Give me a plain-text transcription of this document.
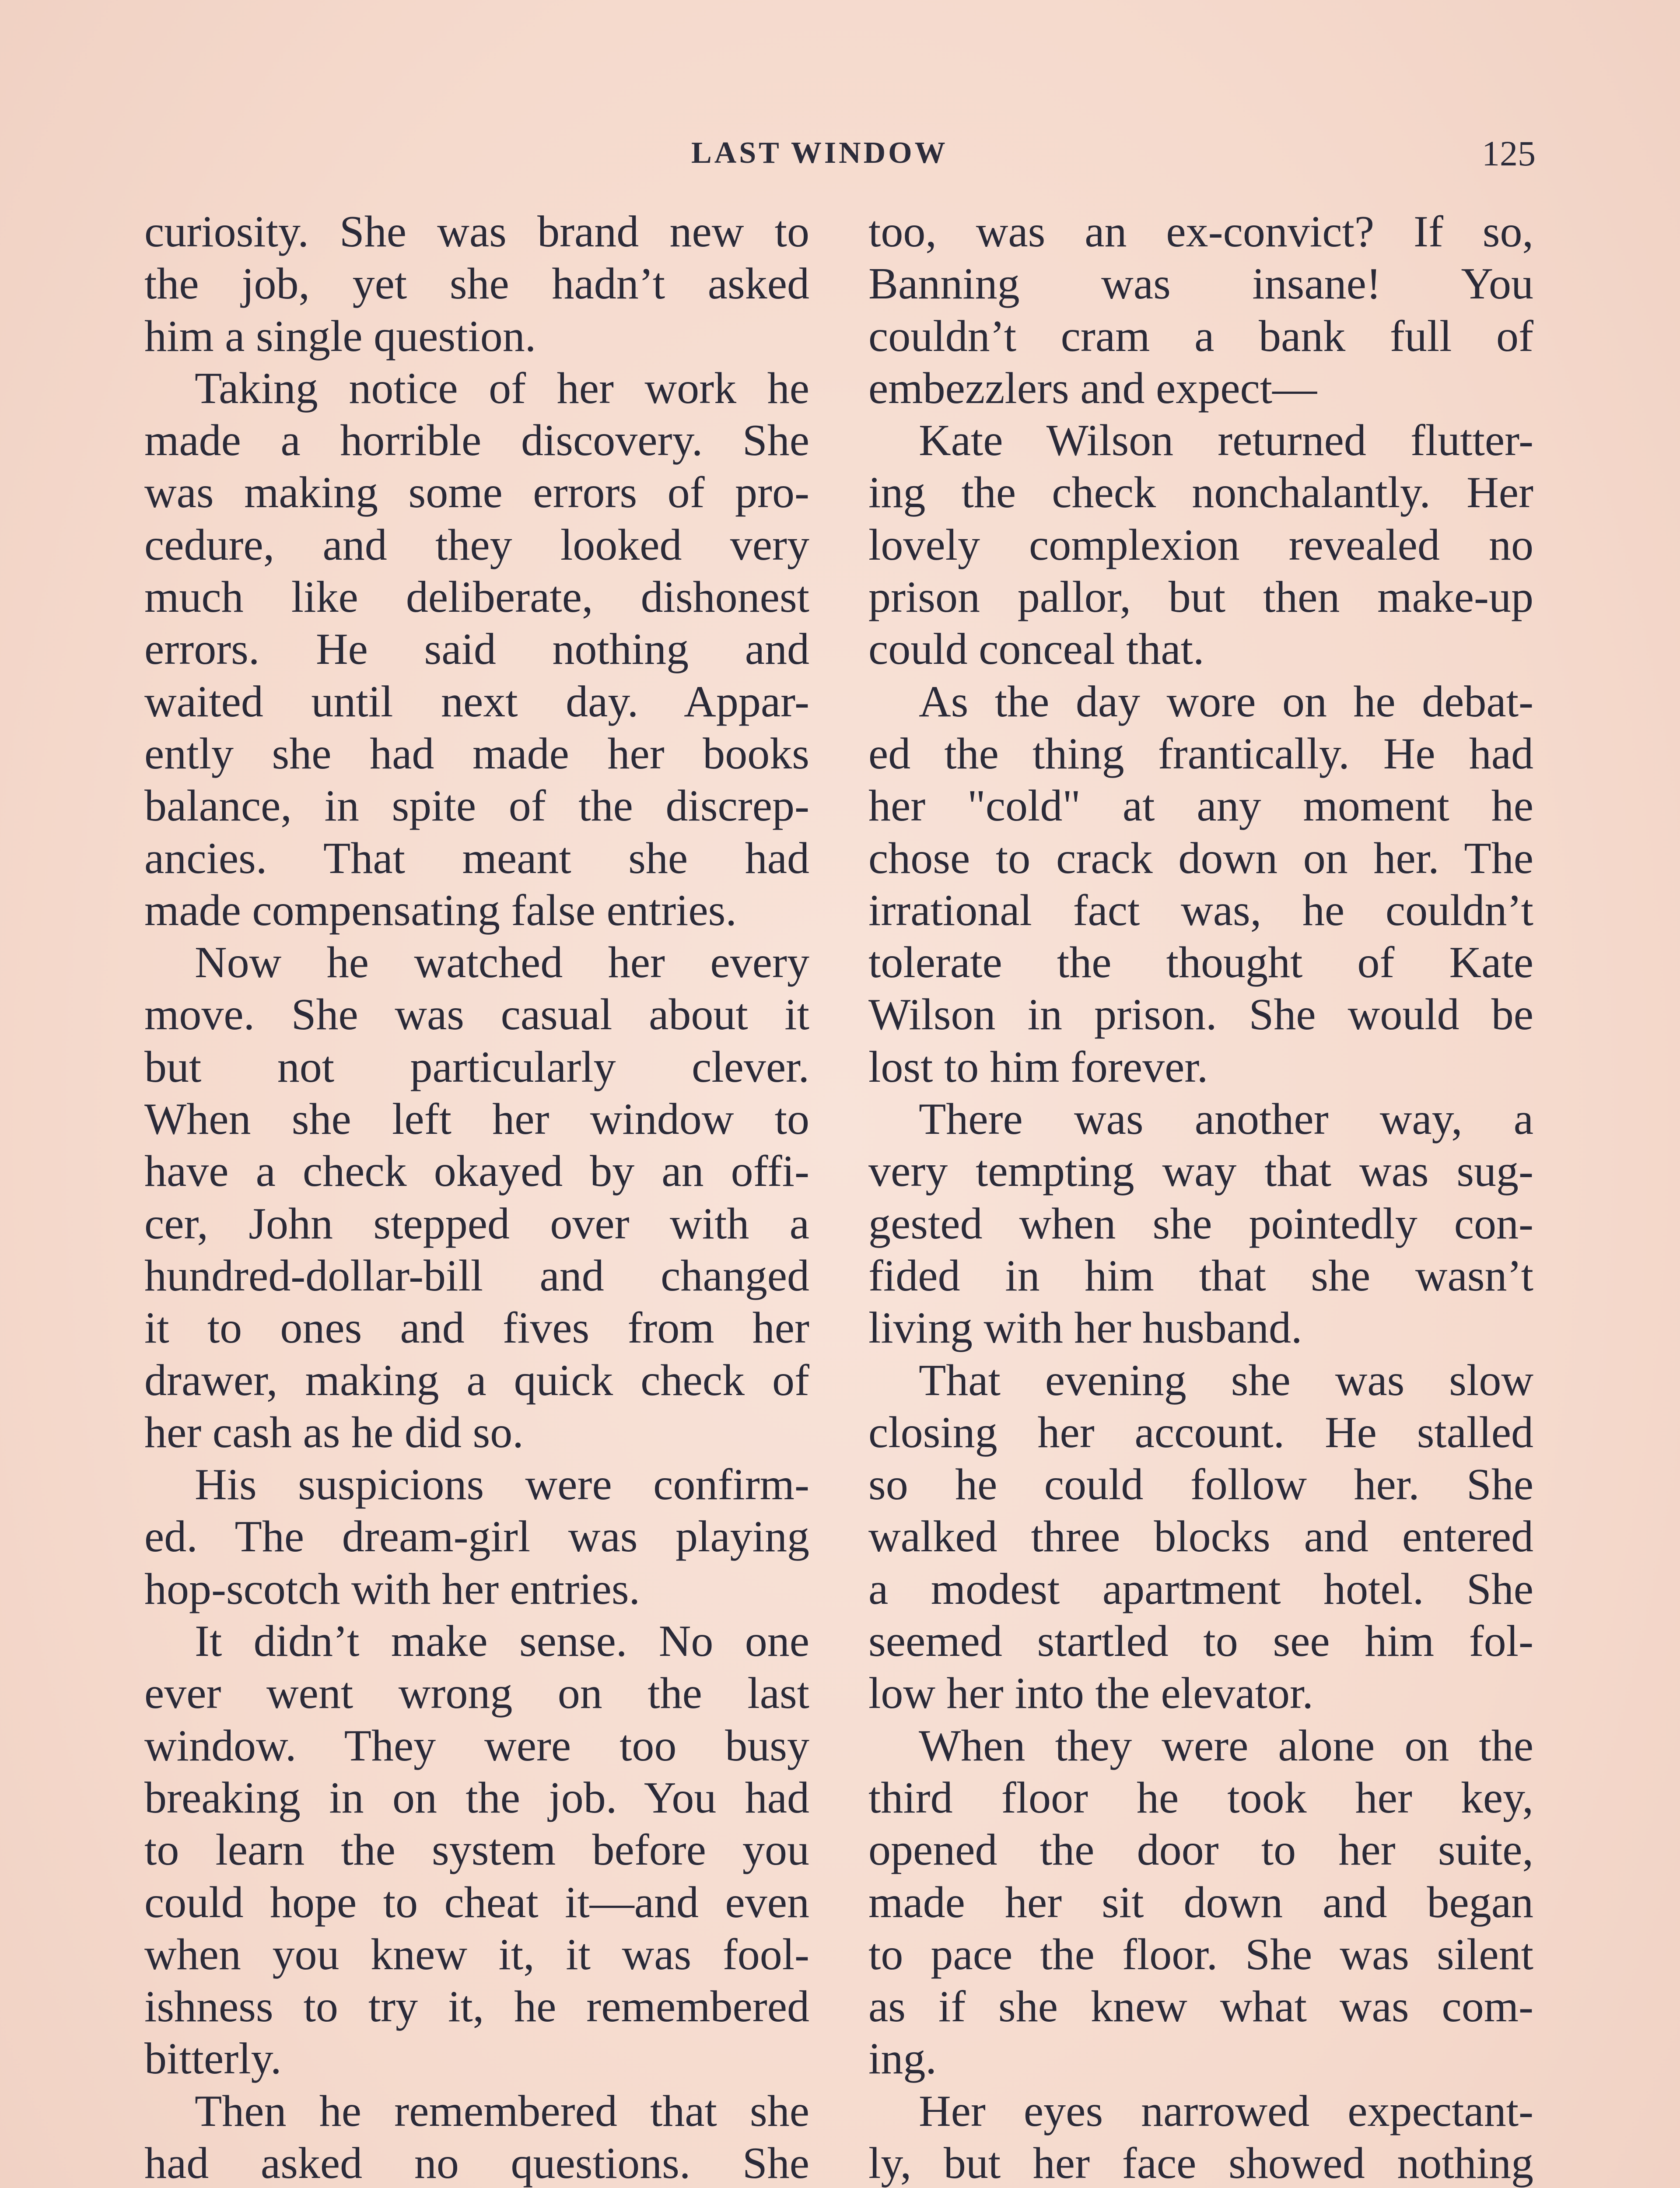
LAST WINDOW	125
curiosity. She was brand new to
the job, yet she hadn’t asked
him a single question.
Taking notice of her work he
made a horrible discovery. She
was making some errors of pro-
cedure, and they looked very
much like deliberate, dishonest
errors. He said nothing and
waited until next day. Appar-
ently she had made her books
balance, in spite of the discrep-
ancies. That meant she had
made compensating false entries.
Now he watched her every
move. She was casual about it
but not particularly clever.
When she left her window to
have a check okayed by an offi-
cer, John stepped over with a
hundred-dollar-bill and changed
it to ones and fives from her
drawer, making a quick check of
her cash as he did so.
His suspicions were confirm-
ed. The dream-girl was playing
hop-scotch with her entries.
It didn’t make sense. No one
ever went wrong on the last
window. They were too busy
breaking in on the job. You had
to learn the system before you
could hope to cheat it—and even
when you knew it, it was fool-
ishness to try it, he remembered
bitterly.
Then he remembered that she
had asked no questions. She
too, was an ex-convict? If so,
Banning was insane! You
couldn’t cram a bank full of
embezzlers and expect—
Kate Wilson returned flutter-
ing the check nonchalantly. Her
lovely complexion revealed no
prison pallor, but then make-up
could conceal that.
As the day wore on he debat-
ed the thing frantically. He had
her "cold" at any moment he
chose to crack down on her. The
irrational fact was, he couldn’t
tolerate the thought of Kate
Wilson in prison. She would be
lost to him forever.
There was another way, a
very tempting way that was sug-
gested when she pointedly con-
fided in him that she wasn’t
living with her husband.
That evening she was slow
closing her account. He stalled
so he could follow her. She
walked three blocks and entered
a modest apartment hotel. She
seemed startled to see him fol-
low her into the elevator.
When they were alone on the
third floor he took her key,
opened the door to her suite,
made her sit down and began
to pace the floor. She was silent
as if she knew what was com-
ing.
Her eyes narrowed expectant-
ly, but her face showed nothing
